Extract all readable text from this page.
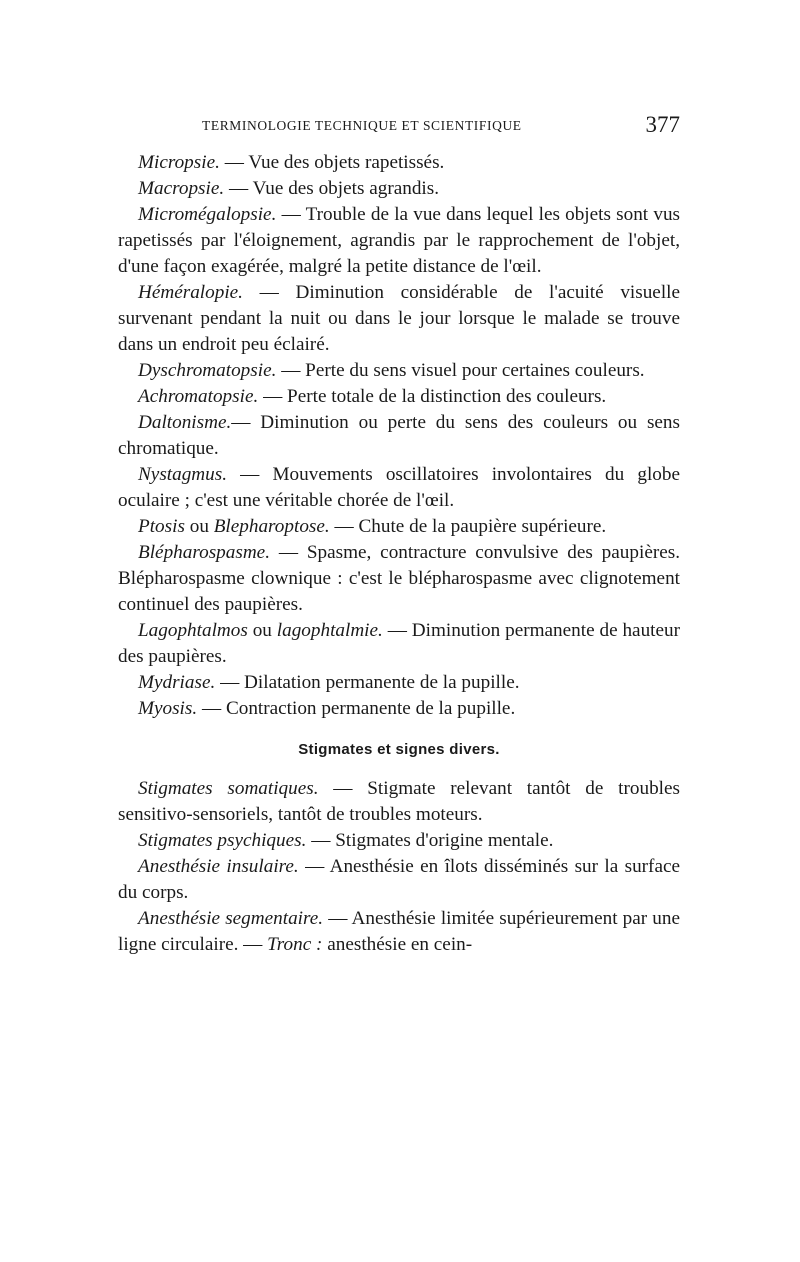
TERMINOLOGIE TECHNIQUE ET SCIENTIFIQUE	377

Micropsie. — Vue des objets rapetissés.

Macropsie. — Vue des objets agrandis.

Micromégalopsie. — Trouble de la vue dans lequel les objets sont vus rapetissés par l'éloignement, agrandis par le rapprochement de l'objet, d'une façon exagérée, malgré la petite distance de l'œil.

Héméralopie. — Diminution considérable de l'acuité visuelle survenant pendant la nuit ou dans le jour lorsque le malade se trouve dans un endroit peu éclairé.

Dyschromatopsie. — Perte du sens visuel pour certaines couleurs.

Achromatopsie. — Perte totale de la distinction des couleurs.

Daltonisme.— Diminution ou perte du sens des couleurs ou sens chromatique.

Nystagmus. — Mouvements oscillatoires involontaires du globe oculaire ; c'est une véritable chorée de l'œil.

Ptosis ou Blepharoptose. — Chute de la paupière supérieure.

Blépharospasme. — Spasme, contracture convulsive des paupières. Blépharospasme clownique : c'est le blépharospasme avec clignotement continuel des paupières.

Lagophtalmos ou lagophtalmie. — Diminution permanente de hauteur des paupières.

Mydriase. — Dilatation permanente de la pupille.

Myosis. — Contraction permanente de la pupille.

Stigmates et signes divers.

Stigmates somatiques. — Stigmate relevant tantôt de troubles sensitivo-sensoriels, tantôt de troubles moteurs.

Stigmates psychiques. — Stigmates d'origine mentale.

Anesthésie insulaire. — Anesthésie en îlots disséminés sur la surface du corps.

Anesthésie segmentaire. — Anesthésie limitée supérieurement par une ligne circulaire. — Tronc : anesthésie en cein-
